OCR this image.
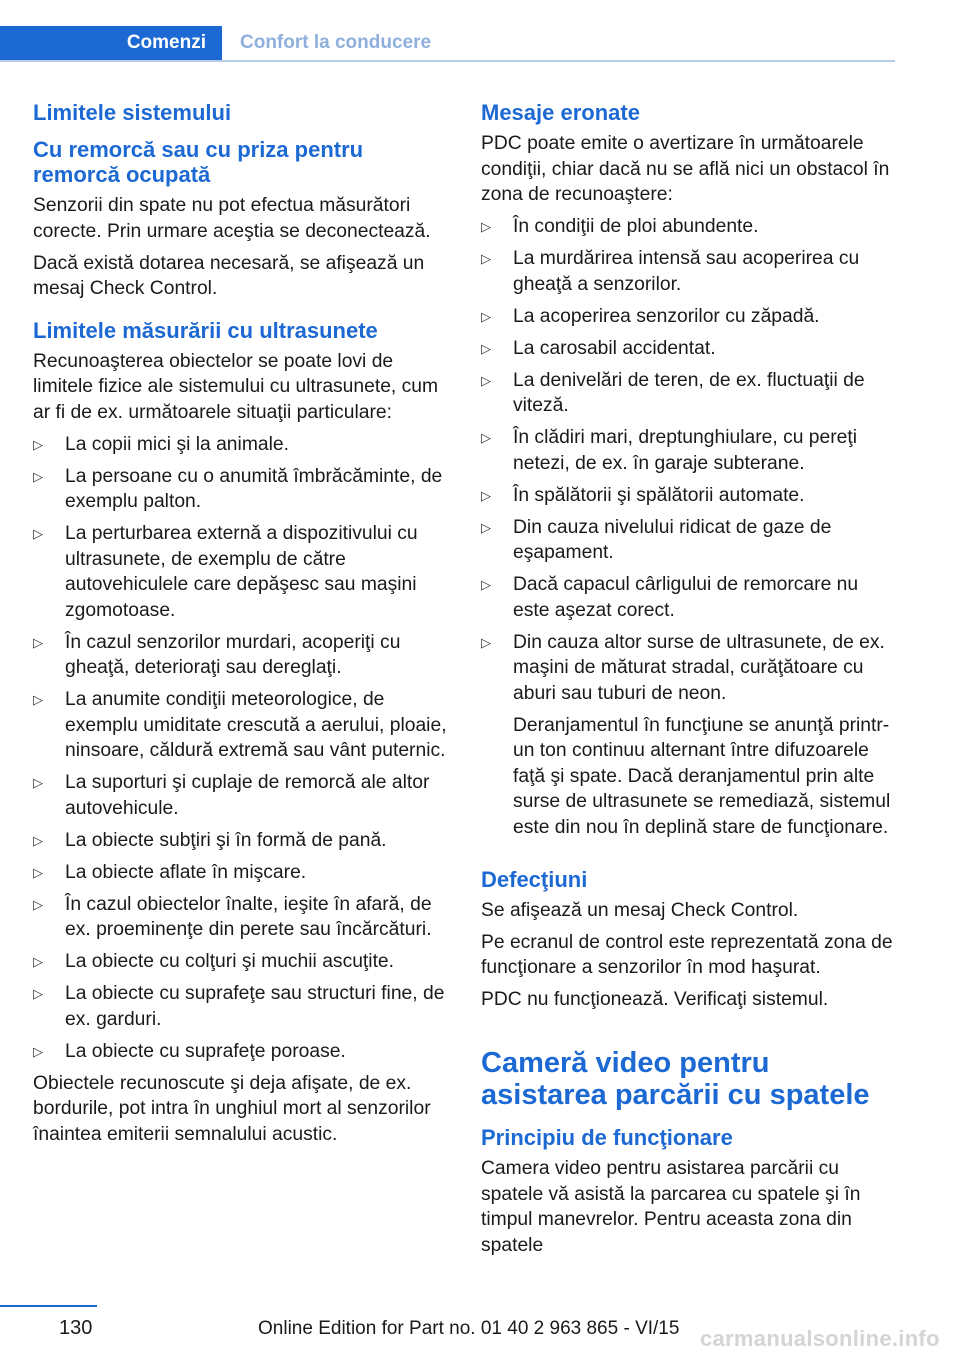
Comenzi	Confort la conducere
Limitele sistemului
Cu remorcă sau cu priza pentru remorcă ocupată

Senzorii din spate nu pot efectua măsurători corecte. Prin urmare aceştia se deconectează.

Dacă există dotarea necesară, se afişează un mesaj Check Control.

Limitele măsurării cu ultrasunete

Recunoaşterea obiectelor se poate lovi de limitele fizice ale sistemului cu ultrasunete, cum ar fi de ex. următoarele situaţii particulare:

▷ La copii mici şi la animale.
▷ La persoane cu o anumită îmbrăcăminte, de exemplu palton.
▷ La perturbarea externă a dispozitivului cu ultrasunete, de exemplu de către autovehiculele care depăşesc sau maşini zgomotoase.
▷ În cazul senzorilor murdari, acoperiţi cu gheaţă, deterioraţi sau dereglaţi.
▷ La anumite condiţii meteorologice, de exemplu umiditate crescută a aerului, ploaie, ninsoare, căldură extremă sau vânt puternic.
▷ La suporturi şi cuplaje de remorcă ale altor autovehicule.
▷ La obiecte subţiri şi în formă de pană.
▷ La obiecte aflate în mişcare.
▷ În cazul obiectelor înalte, ieşite în afară, de ex. proeminenţe din perete sau încărcături.
▷ La obiecte cu colţuri şi muchii ascuţite.
▷ La obiecte cu suprafeţe sau structuri fine, de ex. garduri.
▷ La obiecte cu suprafeţe poroase.

Obiectele recunoscute şi deja afişate, de ex. bordurile, pot intra în unghiul mort al senzorilor înaintea emiterii semnalului acustic.

Mesaje eronate

PDC poate emite o avertizare în următoarele condiţii, chiar dacă nu se află nici un obstacol în zona de recunoaştere:

▷ În condiţii de ploi abundente.
▷ La murdărirea intensă sau acoperirea cu gheaţă a senzorilor.
▷ La acoperirea senzorilor cu zăpadă.
▷ La carosabil accidentat.
▷ La denivelări de teren, de ex. fluctuaţii de viteză.
▷ În clădiri mari, dreptunghiulare, cu pereţi netezi, de ex. în garaje subterane.
▷ În spălătorii şi spălătorii automate.
▷ Din cauza nivelului ridicat de gaze de eşapament.
▷ Dacă capacul cârligului de remorcare nu este aşezat corect.
▷ Din cauza altor surse de ultrasunete, de ex. maşini de măturat stradal, curăţătoare cu aburi sau tuburi de neon.

Deranjamentul în funcţiune se anunţă printr-un ton continuu alternant între difuzoarele faţă şi spate. Dacă deranjamentul prin alte surse de ultrasunete se remediază, sistemul este din nou în deplină stare de funcţionare.

Defecţiuni

Se afişează un mesaj Check Control.

Pe ecranul de control este reprezentată zona de funcţionare a senzorilor în mod haşurat.

PDC nu funcţionează. Verificaţi sistemul.

Cameră video pentru asistarea parcării cu spatele
Principiu de funcţionare

Camera video pentru asistarea parcării cu spatele vă asistă la parcarea cu spatele şi în timpul manevrelor. Pentru aceasta zona din spatele

130	Online Edition for Part no. 01 40 2 963 865 - VI/15 carmanualsonline.info
